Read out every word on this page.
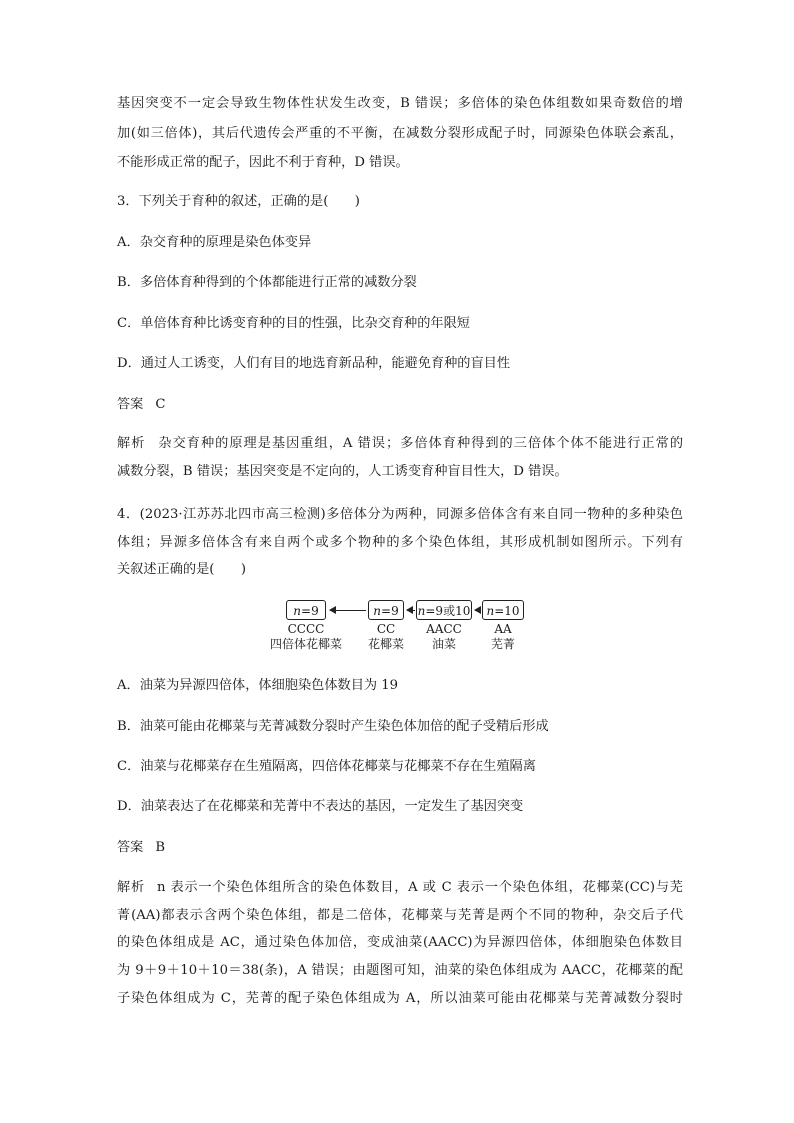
基因突变不一定会导致生物体性状发生改变，B 错误；多倍体的染色体组数如果奇数倍的增
加(如三倍体)，其后代遗传会严重的不平衡，在减数分裂形成配子时，同源染色体联会紊乱，
不能形成正常的配子，因此不利于育种，D 错误。
3．下列关于育种的叙述，正确的是(　　)
A．杂交育种的原理是染色体变异
B．多倍体育种得到的个体都能进行正常的减数分裂
C．单倍体育种比诱变育种的目的性强，比杂交育种的年限短
D．通过人工诱变，人们有目的地选育新品种，能避免育种的盲目性
答案 C
解析 杂交育种的原理是基因重组，A 错误；多倍体育种得到的三倍体个体不能进行正常的
减数分裂，B 错误；基因突变是不定向的，人工诱变育种盲目性大，D 错误。
4．(2023·江苏苏北四市高三检测)多倍体分为两种，同源多倍体含有来自同一物种的多种染色
体组；异源多倍体含有来自两个或多个物种的多个染色体组，其形成机制如图所示。下列有
关叙述正确的是(　　)
n=9	n=9	n=9或10	n=10
CCCC	CC	AACC	AA
四倍体花椰菜	花椰菜	油菜	芜菁
A．油菜为异源四倍体，体细胞染色体数目为 19
B．油菜可能由花椰菜与芜菁减数分裂时产生染色体加倍的配子受精后形成
C．油菜与花椰菜存在生殖隔离，四倍体花椰菜与花椰菜不存在生殖隔离
D．油菜表达了在花椰菜和芜菁中不表达的基因，一定发生了基因突变
答案 B
解析 n 表示一个染色体组所含的染色体数目，A 或 C 表示一个染色体组，花椰菜(CC)与芜
菁(AA)都表示含两个染色体组，都是二倍体，花椰菜与芜菁是两个不同的物种，杂交后子代
的染色体组成是 AC，通过染色体加倍，变成油菜(AACC)为异源四倍体，体细胞染色体数目
为 9＋9＋10＋10＝38(条)，A 错误；由题图可知，油菜的染色体组成为 AACC，花椰菜的配
子染色体组成为 C，芜菁的配子染色体组成为 A，所以油菜可能由花椰菜与芜菁减数分裂时
